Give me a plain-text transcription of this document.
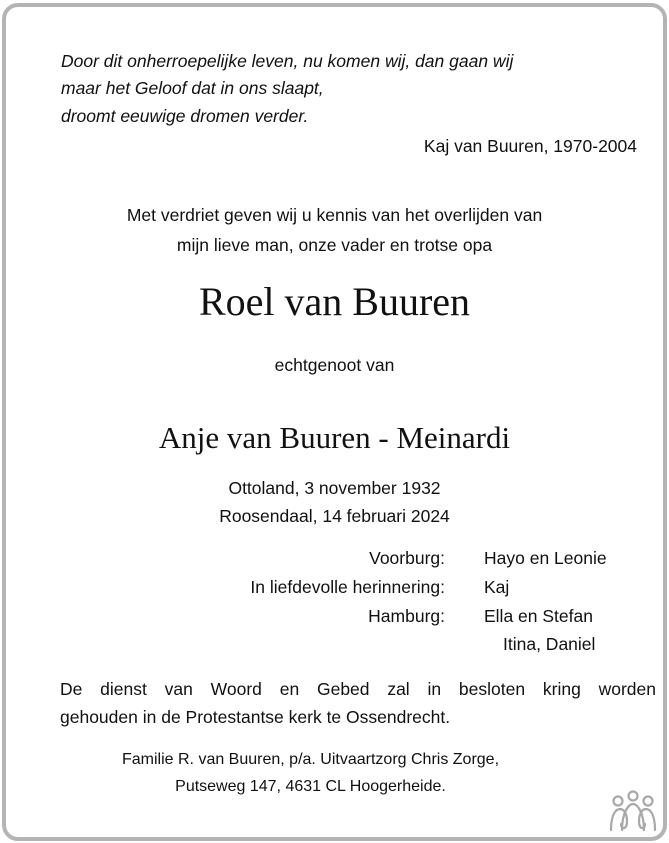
Door dit onherroepelijke leven, nu komen wij, dan gaan wij
maar het Geloof dat in ons slaapt,
droomt eeuwige dromen verder.
Kaj van Buuren, 1970-2004
Met verdriet geven wij u kennis van het overlijden van
mijn lieve man, onze vader en trotse opa
Roel van Buuren
echtgenoot van
Anje van Buuren - Meinardi
Ottoland, 3 november 1932
Roosendaal, 14 februari 2024
Voorburg: Hayo en Leonie
In liefdevolle herinnering: Kaj
Hamburg: Ella en Stefan
Itina, Daniel
De dienst van Woord en Gebed zal in besloten kring worden
gehouden in de Protestantse kerk te Ossendrecht.
Familie R. van Buuren, p/a. Uitvaartzorg Chris Zorge,
Putseweg 147, 4631 CL Hoogerheide.
